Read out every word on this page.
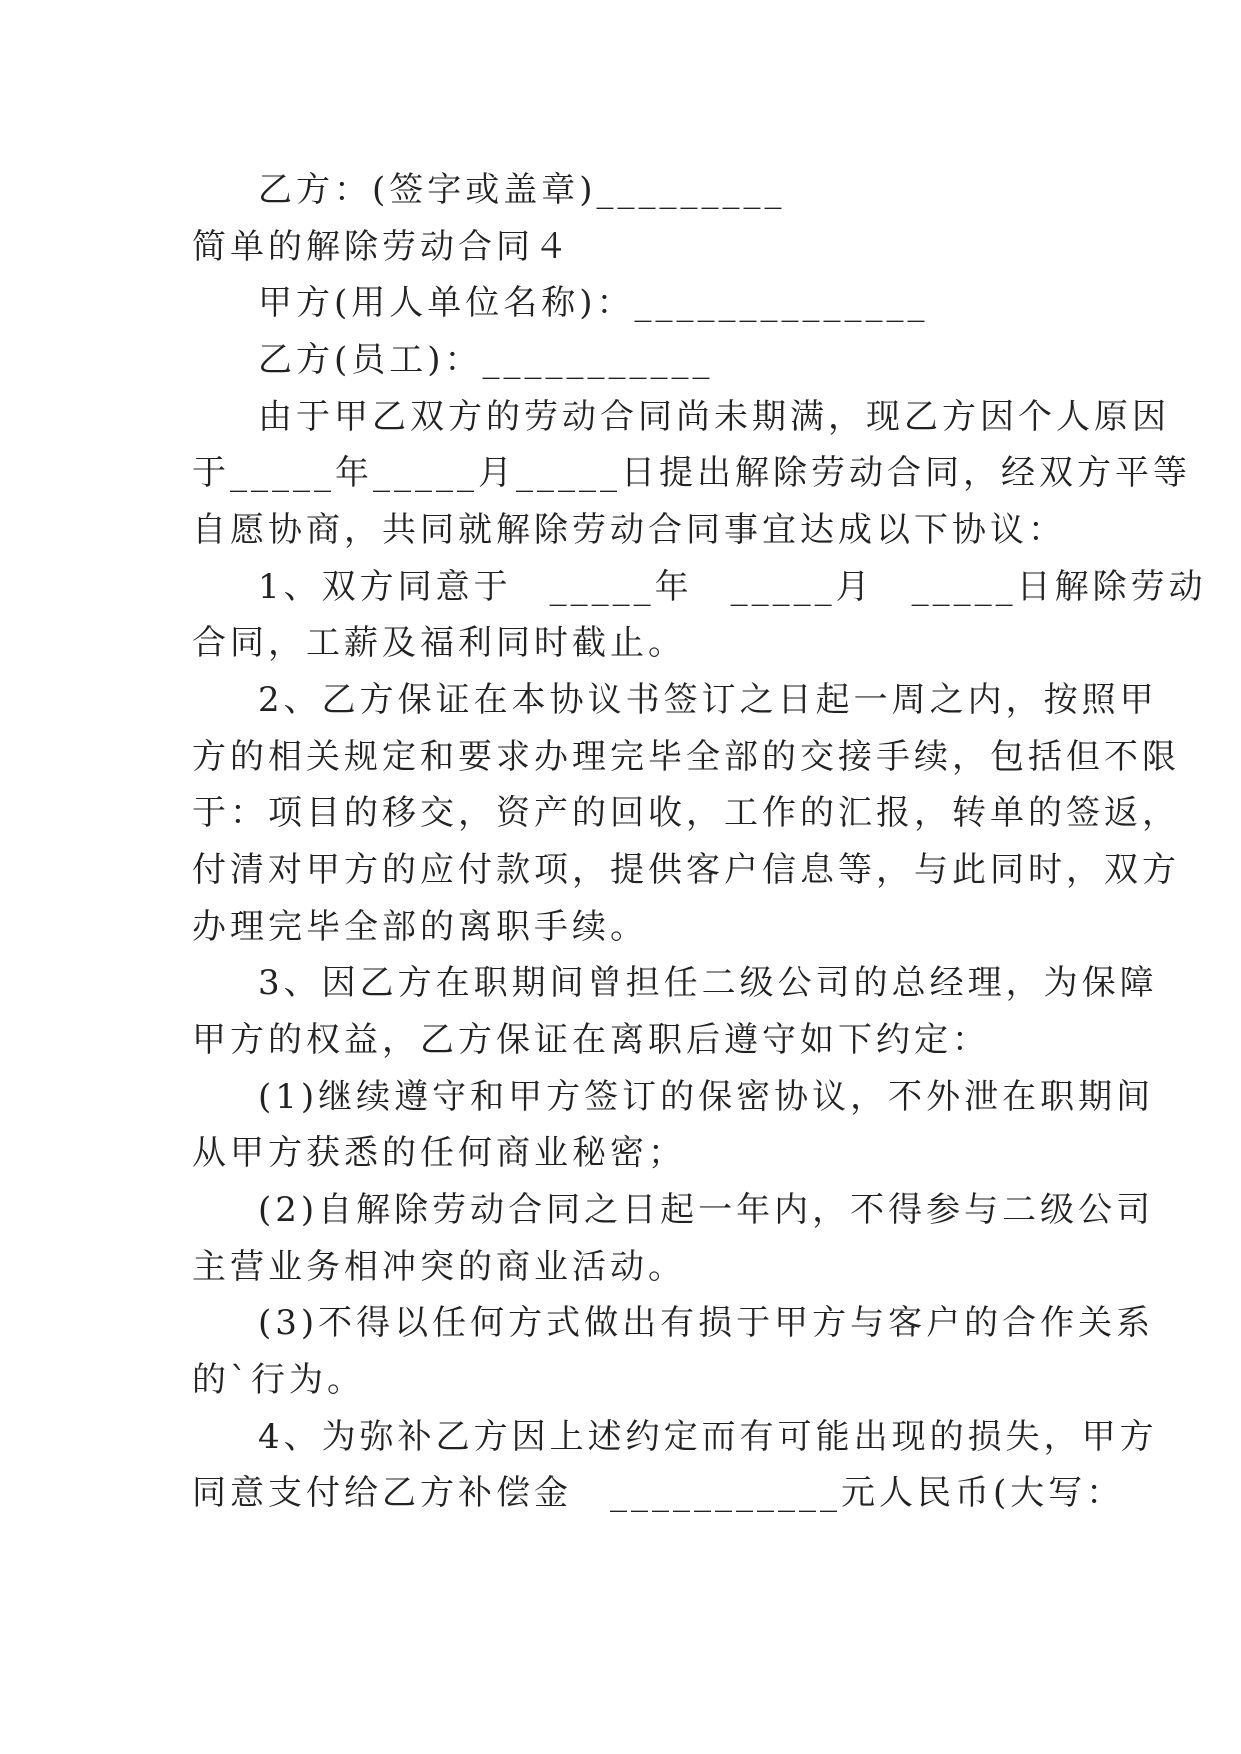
乙方：(签字或盖章)_________
简单的解除劳动合同４
甲方(用人单位名称)：______________
乙方(员工)：___________
由于甲乙双方的劳动合同尚未期满，现乙方因个人原因
于_____年_____月_____日提出解除劳动合同，经双方平等
自愿协商，共同就解除劳动合同事宜达成以下协议：
1、双方同意于　_____年　_____月　_____日解除劳动
合同，工薪及福利同时截止。
2、乙方保证在本协议书签订之日起一周之内，按照甲
方的相关规定和要求办理完毕全部的交接手续，包括但不限
于：项目的移交，资产的回收，工作的汇报，转单的签返，
付清对甲方的应付款项，提供客户信息等，与此同时，双方
办理完毕全部的离职手续。
3、因乙方在职期间曾担任二级公司的总经理，为保障
甲方的权益，乙方保证在离职后遵守如下约定：
(1)继续遵守和甲方签订的保密协议，不外泄在职期间
从甲方获悉的任何商业秘密；
(2)自解除劳动合同之日起一年内，不得参与二级公司
主营业务相冲突的商业活动。
(3)不得以任何方式做出有损于甲方与客户的合作关系
的`行为。
4、为弥补乙方因上述约定而有可能出现的损失，甲方
同意支付给乙方补偿金　___________元人民币(大写：
